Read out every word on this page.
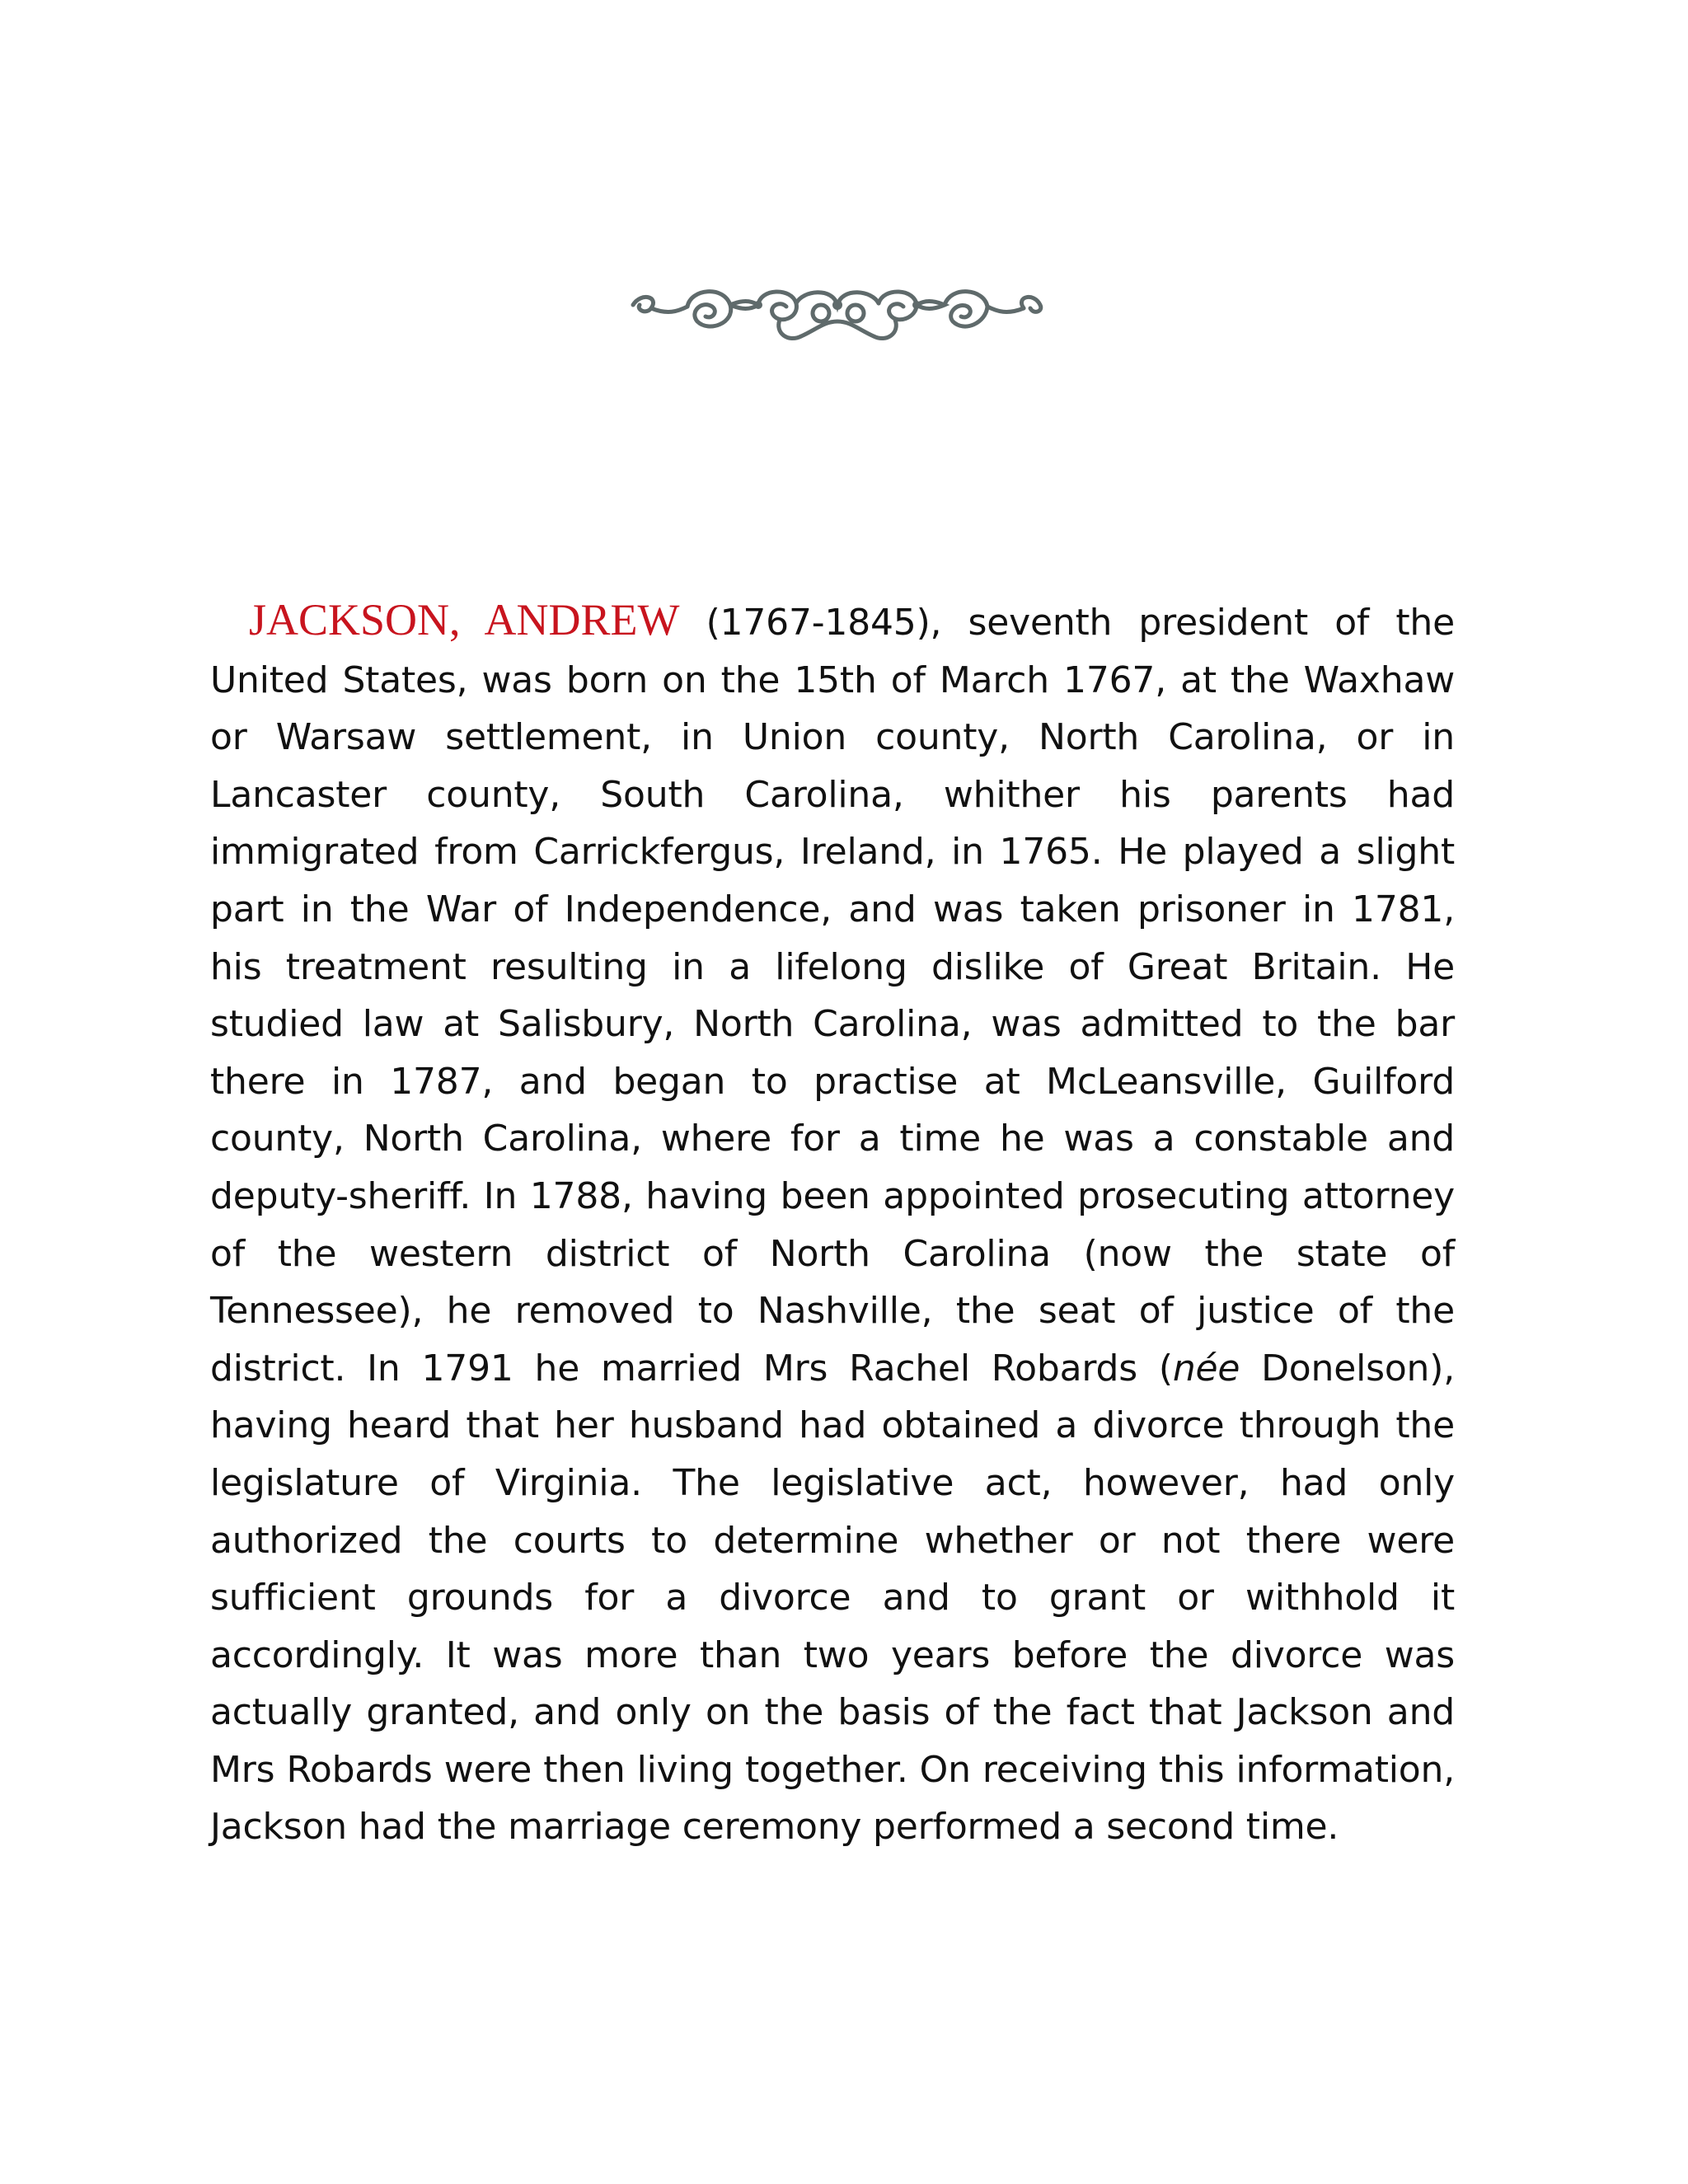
JACKSON, ANDREW (1767-1845), seventh president of the United States, was born on the 15th of March 1767, at the Waxhaw or Warsaw settlement, in Union county, North Carolina, or in Lancaster county, South Carolina, whither his parents had immigrated from Carrickfergus, Ireland, in 1765. He played a slight part in the War of Independence, and was taken prisoner in 1781, his treatment resulting in a lifelong dislike of Great Britain. He studied law at Salisbury, North Carolina, was admitted to the bar there in 1787, and began to practise at McLeansville, Guilford county, North Carolina, where for a time he was a constable and deputy-sheriff. In 1788, having been appointed prosecuting attorney of the western district of North Carolina (now the state of Tennessee), he removed to Nashville, the seat of justice of the district. In 1791 he married Mrs Rachel Robards (née Donelson), having heard that her husband had obtained a divorce through the legislature of Virginia. The legislative act, however, had only authorized the courts to determine whether or not there were sufficient grounds for a divorce and to grant or withhold it accordingly. It was more than two years before the divorce was actually granted, and only on the basis of the fact that Jackson and Mrs Robards were then living together. On receiving this information, Jackson had the marriage ceremony performed a second time.
